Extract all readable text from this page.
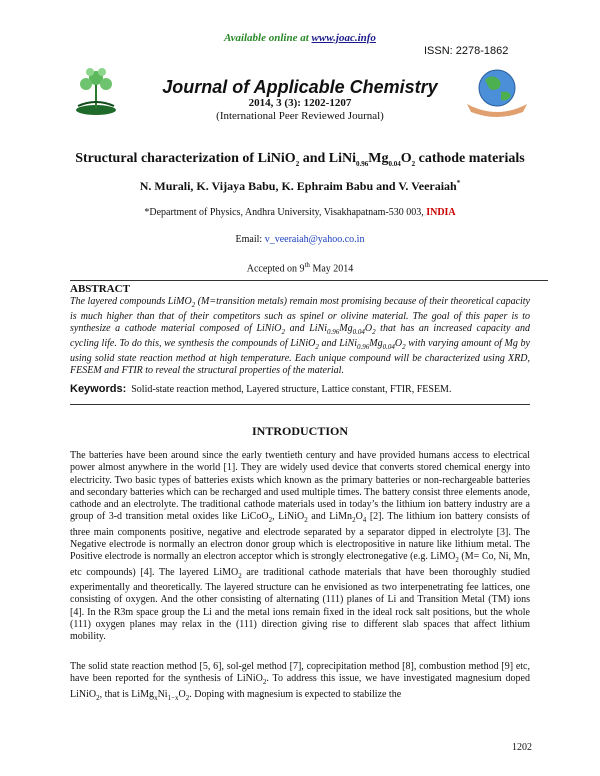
Available online at www.joac.info
ISSN: 2278-1862
Journal of Applicable Chemistry
2014, 3 (3): 1202-1207
(International Peer Reviewed Journal)
Structural characterization of LiNiO$_2$ and $LiNi_{0.96}Mg_{0.04}O_2$ cathode materials
N. Murali, K. Vijaya Babu, K. Ephraim Babu and V. Veeraiah*
*Department of Physics, Andhra University, Visakhapatnam-530 003, INDIA
Email: v_veeraiah@yahoo.co.in
Accepted on 9th May 2014
ABSTRACT
The layered compounds LiMO$_2$ (M=transition metals) remain most promising because of their theoretical capacity is much higher than that of their competitors such as spinel or olivine material. The goal of this paper is to synthesize a cathode material composed of LiNiO$_2$ and $LiNi_{0.96}Mg_{0.04}O_2$ that has an increased capacity and cycling life. To do this, we synthesis the compounds of LiNiO$_2$ and $LiNi_{0.96}Mg_{0.04}O_2$ with varying amount of Mg by using solid state reaction method at high temperature. Each unique compound will be characterized using XRD, FESEM and FTIR to reveal the structural properties of the material.
Keywords: Solid-state reaction method, Layered structure, Lattice constant, FTIR, FESEM.
INTRODUCTION
The batteries have been around since the early twentieth century and have provided humans access to electrical power almost anywhere in the world [1]. They are widely used device that converts stored chemical energy into electricity. Two basic types of batteries exists which known as the primary batteries or non-rechargeable batteries and secondary batteries which can be recharged and used multiple times. The battery consist three elements anode, cathode and an electrolyte. The traditional cathode materials used in today’s the lithium ion battery industry are a group of 3-d transition metal oxides like LiCoO$_2$, LiNiO$_2$ and $LiMn_2O_4$ [2]. The lithium ion battery consists of three main components positive, negative and electrode separated by a separator dipped in electrolyte [3]. The Negative electrode is normally an electron donor group which is electropositive in nature like lithium metal. The Positive electrode is normally an electron acceptor which is strongly electronegative (e.g. LiMO$_2$ (M= Co, Ni, Mn, etc compounds) [4]. The layered LiMO$_2$ are traditional cathode materials that have been thoroughly studied experimentally and theoretically. The layered structure can he envisioned as two interpenetrating fee lattices, one consisting of oxygen. And the other consisting of alternating (111) planes of Li and Transition Metal (TM) ions [4]. In the R3m space group the Li and the metal ions remain fixed in the ideal rock salt positions, but the whole (111) oxygen planes may relax in the (111) direction giving rise to different slab spaces that affect lithium mobility.
The solid state reaction method [5, 6], sol-gel method [7], coprecipitation method [8], combustion method [9] etc, have been reported for the synthesis of LiNiO$_2$. To address this issue, we have investigated magnesium doped LiNiO$_2$, that is $LiMg_xNi_{1-x}O_2$. Doping with magnesium is expected to stabilize the
1202
